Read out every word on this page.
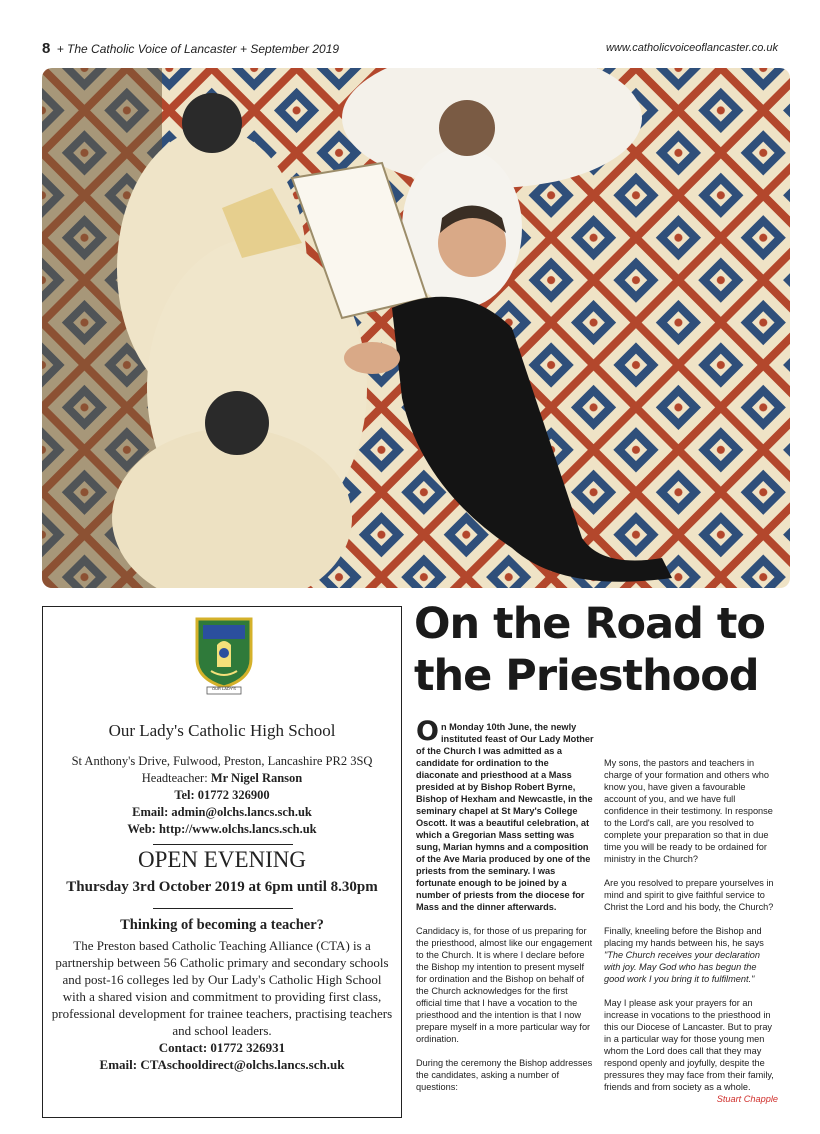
8 + The Catholic Voice of Lancaster + September 2019	www.catholicvoiceoflancaster.co.uk
OUR LADY'S
Our Lady's Catholic High School
St Anthony's Drive, Fulwood, Preston, Lancashire PR2 3SQ
Headteacher: Mr Nigel Ranson
Tel: 01772 326900
Email: admin@olchs.lancs.sch.uk
Web: http://www.olchs.lancs.sch.uk
OPEN EVENING
Thursday 3rd October 2019 at 6pm until 8.30pm
Thinking of becoming a teacher?
The Preston based Catholic Teaching Alliance (CTA) is a partnership between 56 Catholic primary and secondary schools and post-16 colleges led by Our Lady's Catholic High School with a shared vision and commitment to providing first class, professional development for trainee teachers, practising teachers and school leaders.
Contact: 01772 326931
Email: CTAschooldirect@olchs.lancs.sch.uk
On the Road to the Priesthood

On Monday 10th June, the newly instituted feast of Our Lady Mother of the Church I was admitted as a candidate for ordination to the diaconate and priesthood at a Mass presided at by Bishop Robert Byrne, Bishop of Hexham and Newcastle, in the seminary chapel at St Mary's College Oscott. It was a beautiful celebration, at which a Gregorian Mass setting was sung, Marian hymns and a composition of the Ave Maria produced by one of the priests from the seminary. I was fortunate enough to be joined by a number of priests from the diocese for Mass and the dinner afterwards.

Candidacy is, for those of us preparing for the priesthood, almost like our engagement to the Church. It is where I declare before the Bishop my intention to present myself for ordination and the Bishop on behalf of the Church acknowledges for the first official time that I have a vocation to the priesthood and the intention is that I now prepare myself in a more particular way for ordination.

During the ceremony the Bishop addresses the candidates, asking a number of questions:

My sons, the pastors and teachers in charge of your formation and others who know you, have given a favourable account of you, and we have full confidence in their testimony. In response to the Lord's call, are you resolved to complete your preparation so that in due time you will be ready to be ordained for ministry in the Church?

Are you resolved to prepare yourselves in mind and spirit to give faithful service to Christ the Lord and his body, the Church?

Finally, kneeling before the Bishop and placing my hands between his, he says "The Church receives your declaration with joy. May God who has begun the good work I you bring it to fulfilment."

May I please ask your prayers for an increase in vocations to the priesthood in this our Diocese of Lancaster. But to pray in a particular way for those young men whom the Lord does call that they may respond openly and joyfully, despite the pressures they may face from their family, friends and from society as a whole.

Stuart Chapple
